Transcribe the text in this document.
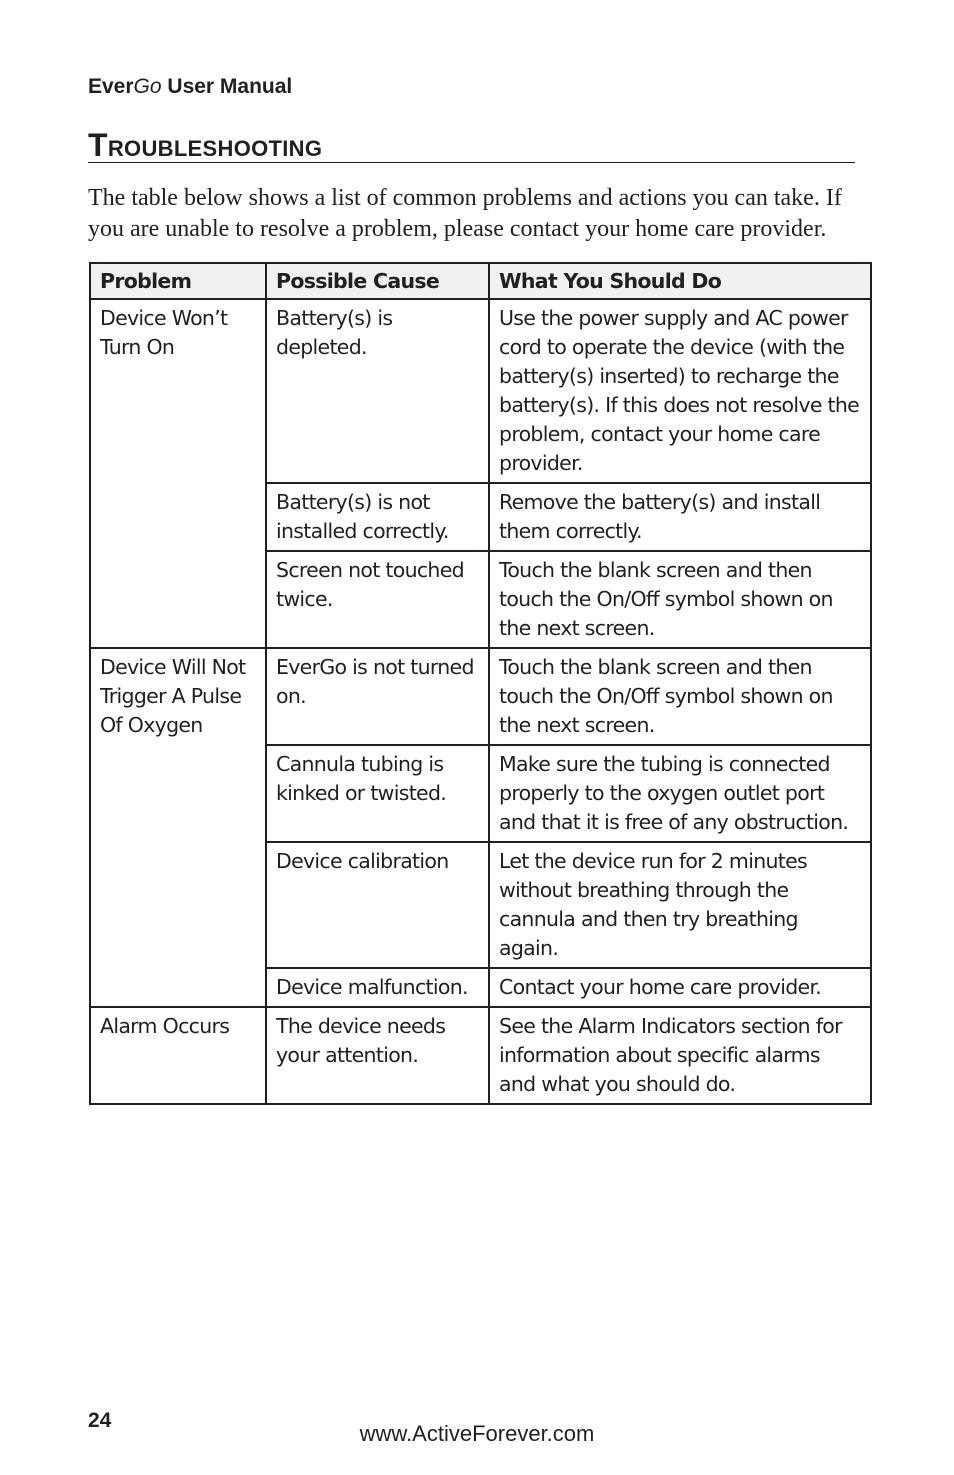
EverGo User Manual
Troubleshooting

The table below shows a list of common problems and actions you can take. If you are unable to resolve a problem, please contact your home care provider.

Problem	Possible Cause	What You Should Do
Device Won’t Turn On	Battery(s) is depleted.	Use the power supply and AC power cord to operate the device (with the battery(s) inserted) to recharge the battery(s). If this does not resolve the problem, contact your home care provider.
	Battery(s) is not installed correctly.	Remove the battery(s) and install them correctly.
	Screen not touched twice.	Touch the blank screen and then touch the On/Off symbol shown on the next screen.
Device Will Not Trigger A Pulse Of Oxygen	EverGo is not turned on.	Touch the blank screen and then touch the On/Off symbol shown on the next screen.
	Cannula tubing is kinked or twisted.	Make sure the tubing is connected properly to the oxygen outlet port and that it is free of any obstruction.
	Device calibration	Let the device run for 2 minutes without breathing through the cannula and then try breathing again.
	Device malfunction.	Contact your home care provider.
Alarm Occurs	The device needs your attention.	See the Alarm Indicators section for information about specific alarms and what you should do.
24
www.ActiveForever.com
